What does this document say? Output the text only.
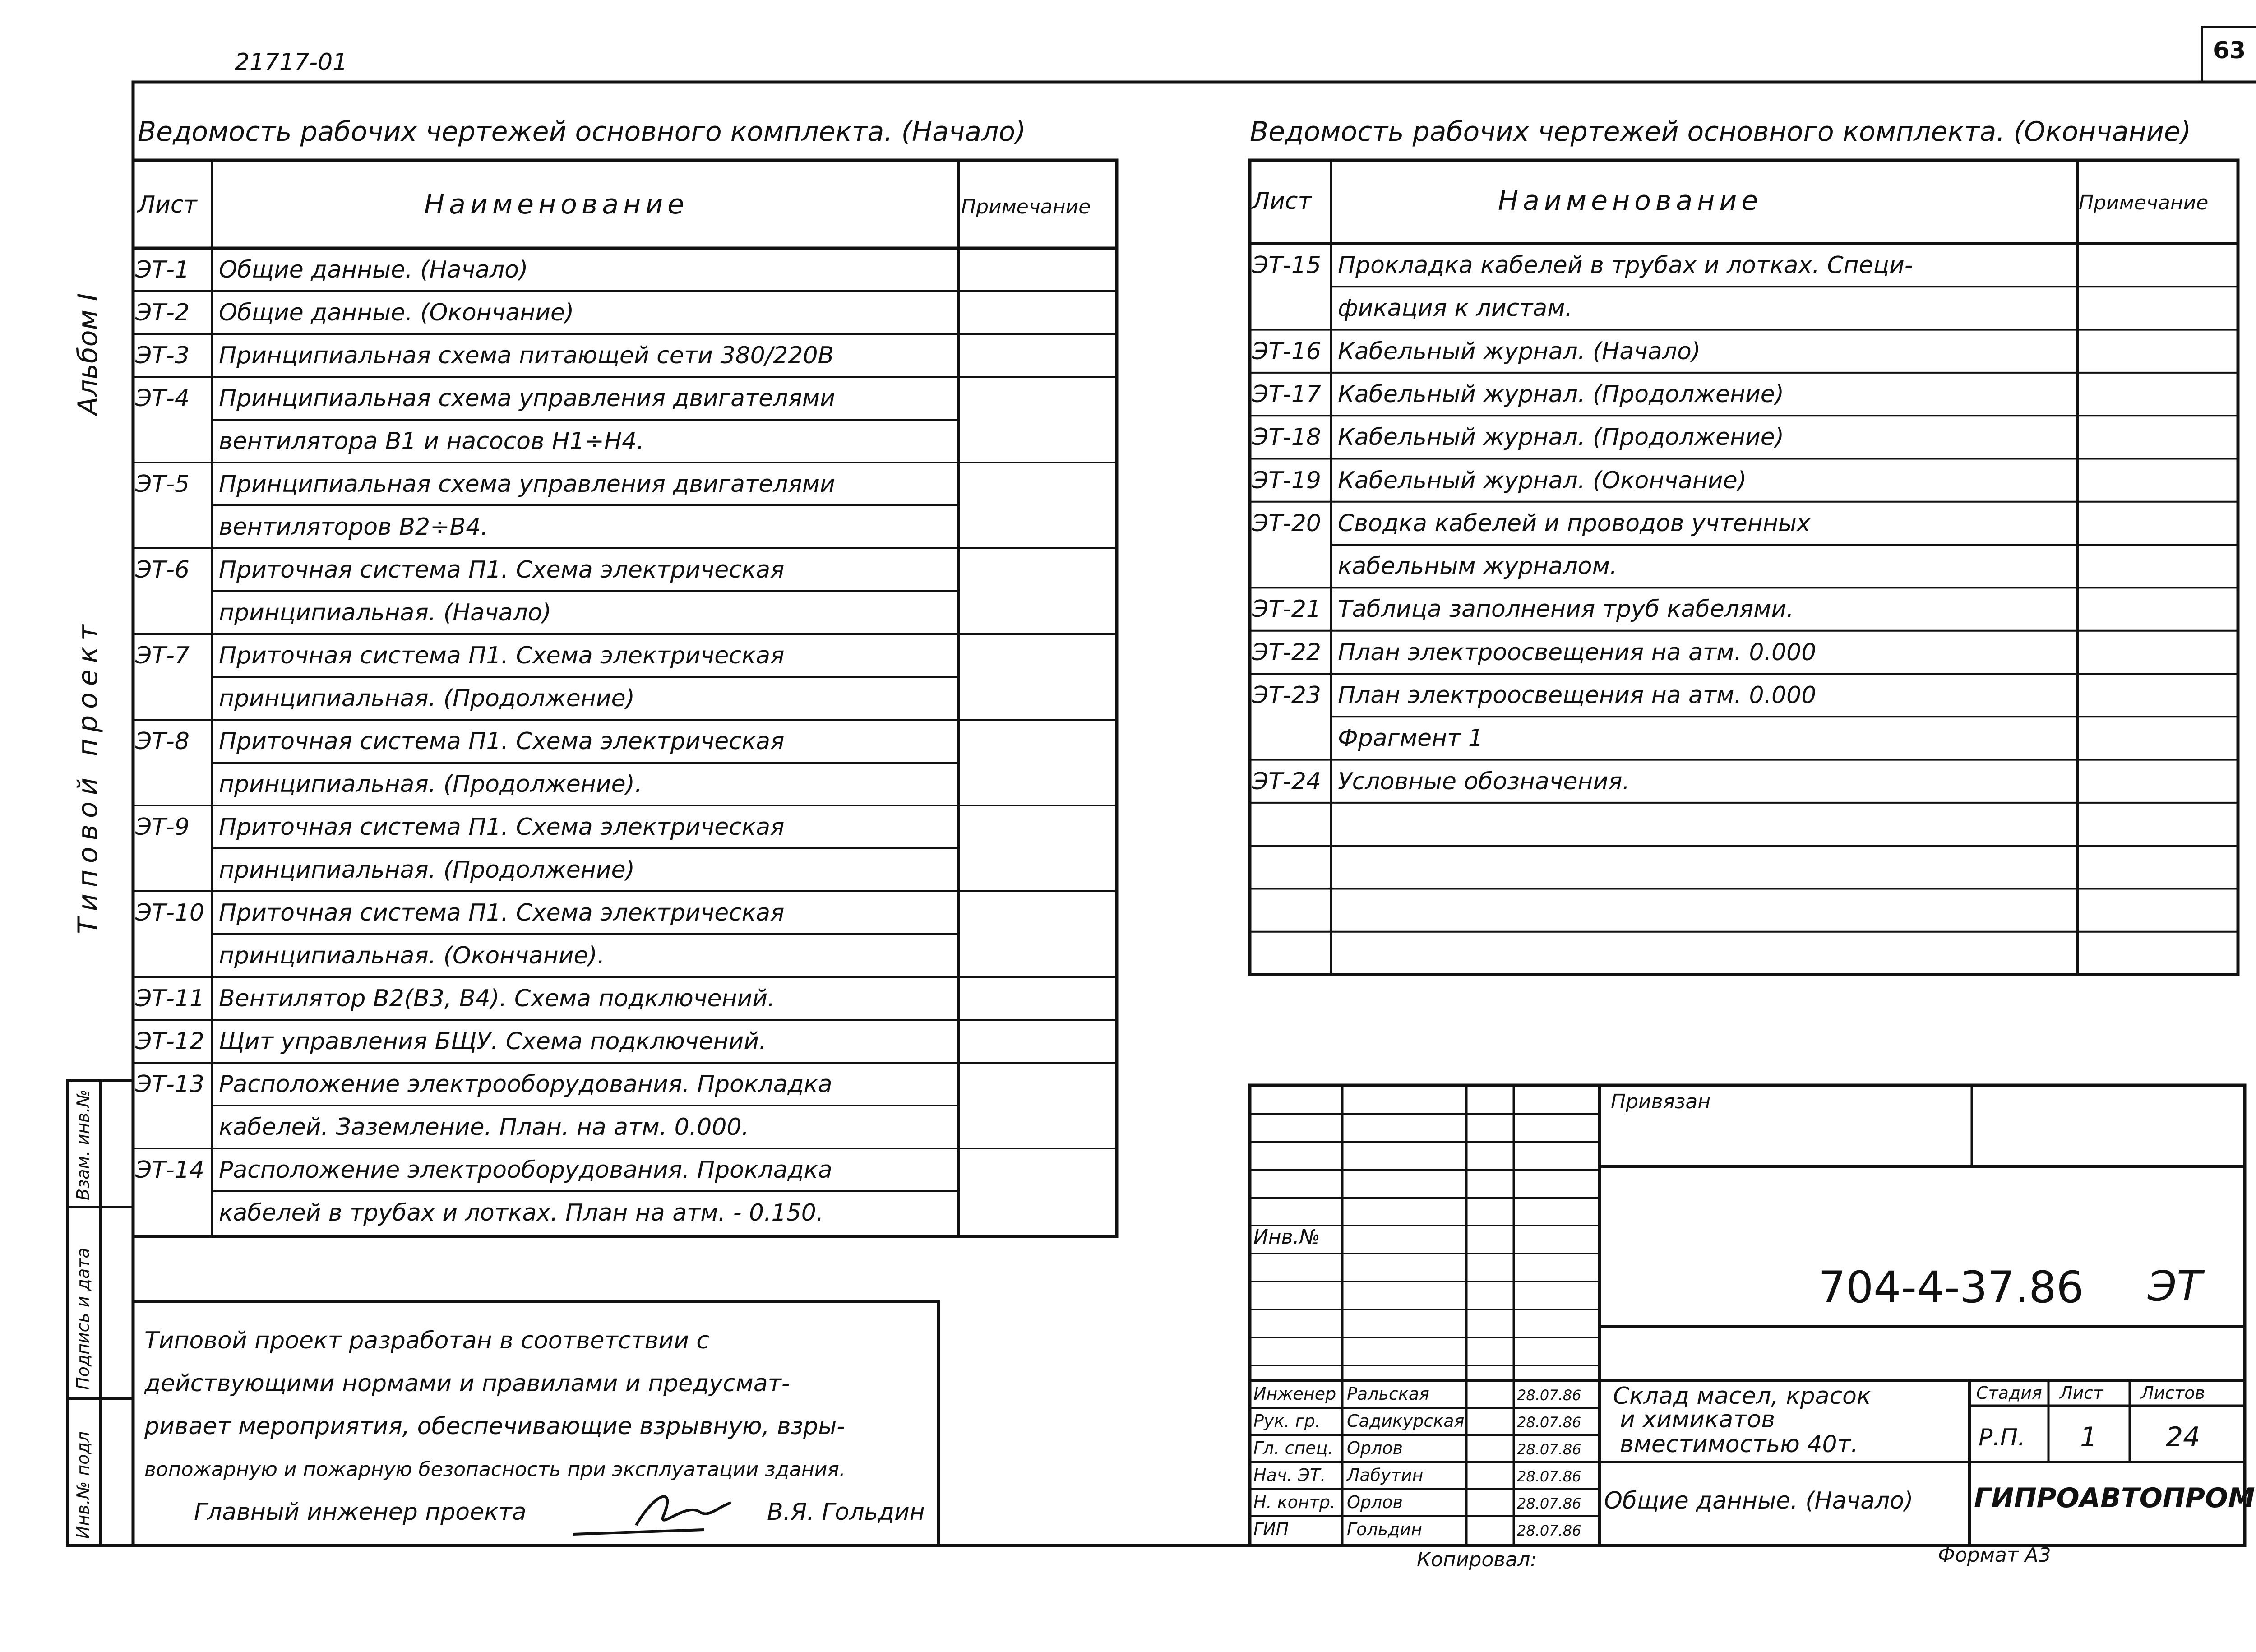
63
21717-01
Альбом I
Типовой проект
Инв.№ подл
Подпись и дата
Взам. инв.№
Ведомость рабочих чертежей основного комплекта. (Начало)
Лист	Наименование	Примечание
ЭТ-1 Общие данные. (Начало)
ЭТ-2 Общие данные. (Окончание)
ЭТ-3 Принципиальная схема питающей сети 380/220В
ЭТ-4 Принципиальная схема управления двигателями
вентилятора В1 и насосов Н1÷Н4.
ЭТ-5 Принципиальная схема управления двигателями
вентиляторов В2÷В4.
ЭТ-6 Приточная система П1. Схема электрическая
принципиальная. (Начало)
ЭТ-7 Приточная система П1. Схема электрическая
принципиальная. (Продолжение)
ЭТ-8 Приточная система П1. Схема электрическая
принципиальная. (Продолжение).
ЭТ-9 Приточная система П1. Схема электрическая
принципиальная. (Продолжение)
ЭТ-10 Приточная система П1. Схема электрическая
принципиальная. (Окончание).
ЭТ-11 Вентилятор В2(В3, В4). Схема подключений.
ЭТ-12 Щит управления БЩУ. Схема подключений.
ЭТ-13 Расположение электрооборудования. Прокладка
кабелей. Заземление. План. на атм. 0.000.
ЭТ-14 Расположение электрооборудования. Прокладка
кабелей в трубах и лотках. План на атм. - 0.150.
Ведомость рабочих чертежей основного комплекта. (Окончание)
Лист	Наименование	Примечание
ЭТ-15 Прокладка кабелей в трубах и лотках. Специ-
фикация к листам.
ЭТ-16 Кабельный журнал. (Начало)
ЭТ-17 Кабельный журнал. (Продолжение)
ЭТ-18 Кабельный журнал. (Продолжение)
ЭТ-19 Кабельный журнал. (Окончание)
ЭТ-20 Сводка кабелей и проводов учтенных
кабельным журналом.
ЭТ-21 Таблица заполнения труб кабелями.
ЭТ-22 План электроосвещения на атм. 0.000
ЭТ-23 План электроосвещения на атм. 0.000
Фрагмент 1
ЭТ-24 Условные обозначения.
Типовой проект разработан в соответствии с
действующими нормами и правилами и предусмат-
ривает мероприятия, обеспечивающие взрывную, взры-
вопожарную и пожарную безопасность при эксплуатации здания.
Главный инженер проекта	В.Я. Гольдин
Привязан
Инв.№
704-4-37.86 ЭТ
Склад масел, красок
и химикатов
вместимостью 40т.
Общие данные. (Начало)
Стадия Лист Листов
Р.П. 1	24
ГИПРОАВТОПРОМ
Инженер Ральская	28.07.86
Рук. гр. Садикурская	28.07.86
Гл. спец. Орлов	28.07.86
Нач. ЭТ. Лабутин	28.07.86
Н. контр. Орлов	28.07.86
ГИП	Гольдин	28.07.86
Копировал:	Формат А3
